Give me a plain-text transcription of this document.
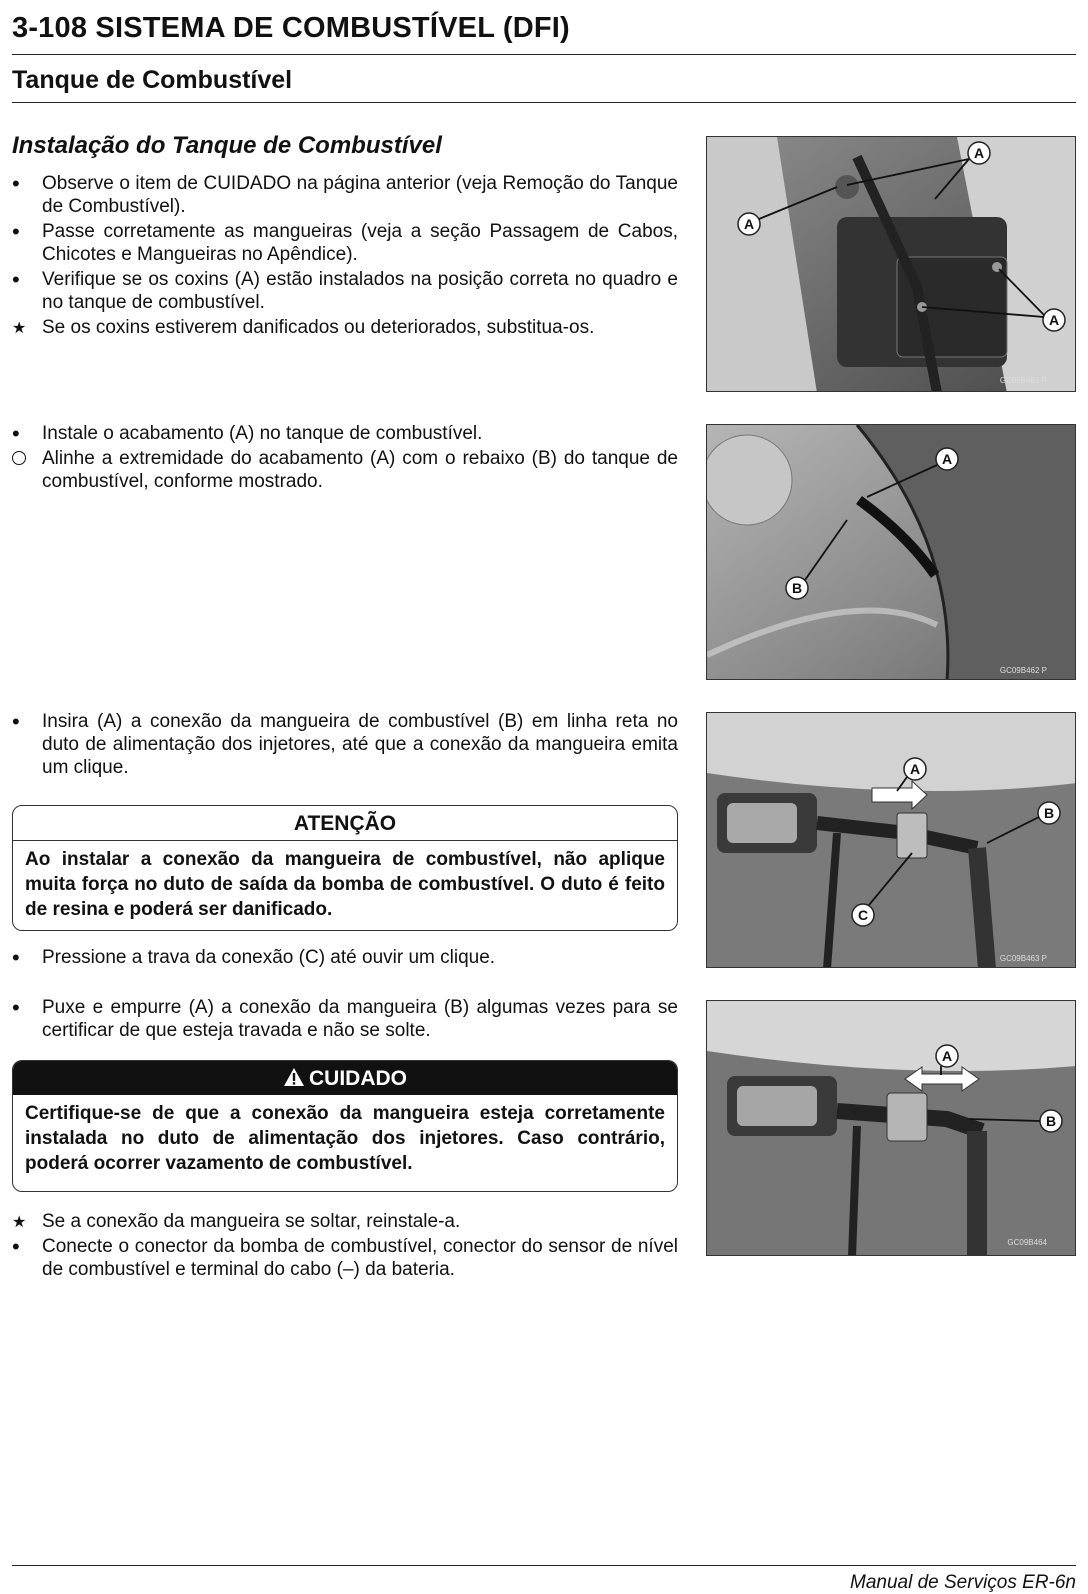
3-108 SISTEMA DE COMBUSTÍVEL (DFI)
Tanque de Combustível
Instalação do Tanque de Combustível
•
Observe o item de CUIDADO na página anterior (veja Remoção do Tanque de Combustível).
•
Passe corretamente as mangueiras (veja a seção Passagem de Cabos, Chicotes e Mangueiras no Apêndice).
•
Verifique se os coxins (A) estão instalados na posição correta no quadro e no tanque de combustível.
★
Se os coxins estiverem danificados ou deteriorados, substitua-os.
•
Instale o acabamento (A) no tanque de combustível.
Alinhe a extremidade do acabamento (A) com o rebaixo (B) do tanque de combustível, conforme mostrado.
•
Insira (A) a conexão da mangueira de combustível (B) em linha reta no duto de alimentação dos injetores, até que a conexão da mangueira emita um clique.
ATENÇÃO
Ao instalar a conexão da mangueira de combustível, não aplique muita força no duto de saída da bomba de combustível. O duto é feito de resina e poderá ser danificado.
•
Pressione a trava da conexão (C) até ouvir um clique.
•
Puxe e empurre (A) a conexão da mangueira (B) algumas vezes para se certificar de que esteja travada e não se solte.
CUIDADO
Certifique-se de que a conexão da mangueira esteja corretamente instalada no duto de alimentação dos injetores. Caso contrário, poderá ocorrer vazamento de combustível.
★
Se a conexão da mangueira se soltar, reinstale-a.
•
Conecte o conector da bomba de combustível, conector do sensor de nível de combustível e terminal do cabo (–) da bateria.
A
A
A
GC09B461 P
A
B
GC09B462 P
A
B
C
GC09B463 P
A
B
GC09B464
Manual de Serviços ER-6n
